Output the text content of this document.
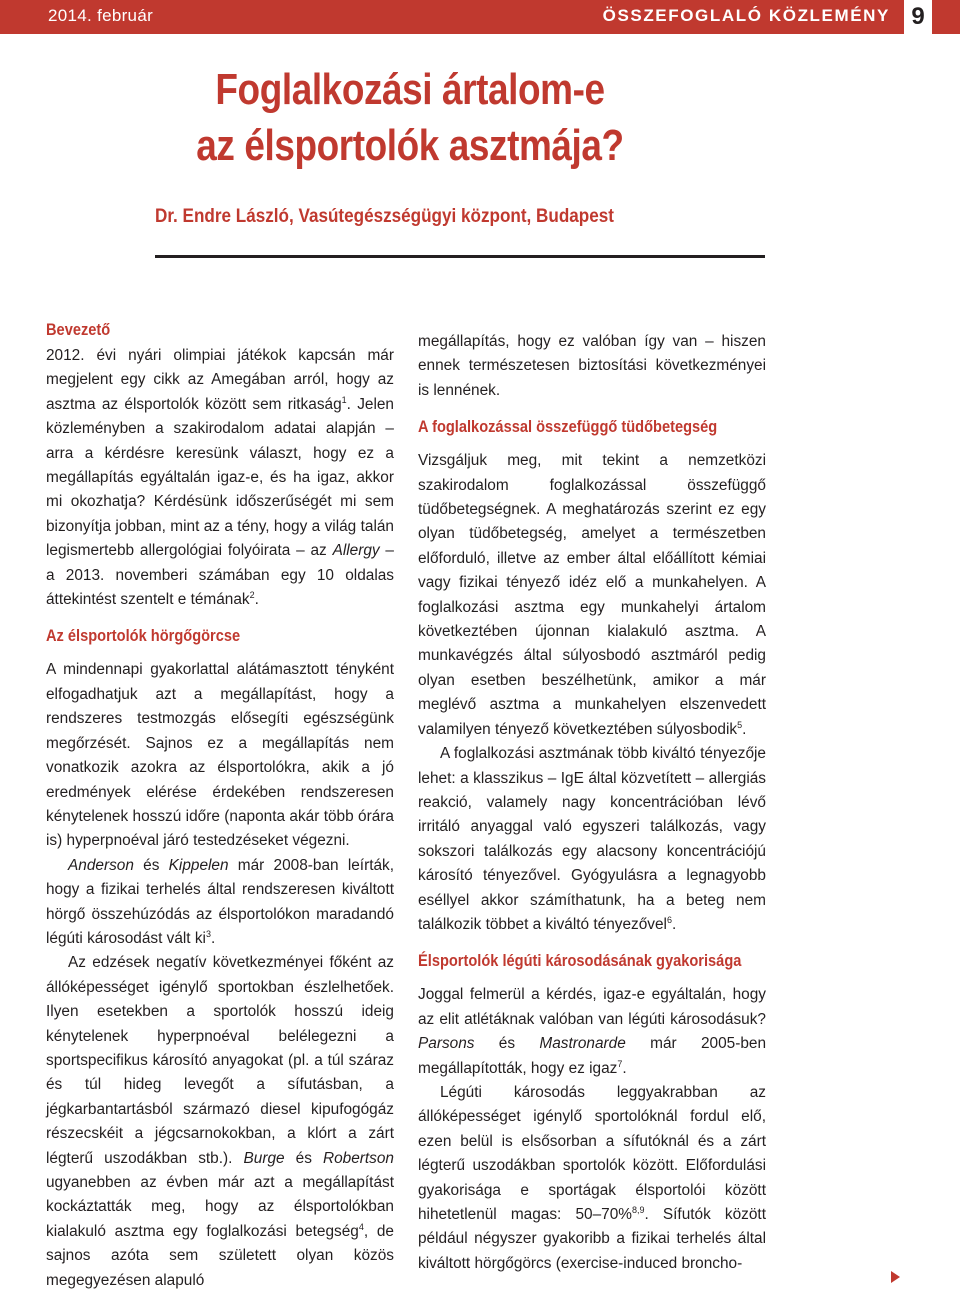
2014. február	ÖSSZEFOGLALÓ KÖZLEMÉNY 9
Foglalkozási ártalom-e
az élsportolók asztmája?
Dr. Endre László, Vasútegészségügyi központ, Budapest
Bevezető

2012. évi nyári olimpiai játékok kapcsán már megjelent egy cikk az Amegában arról, hogy az asztma az élsportolók között sem ritkaság$^1$. Jelen közleményben a szakirodalom adatai alapján – arra a kérdésre keresünk választ, hogy ez a megállapítás egyáltalán igaz-e, és ha igaz, akkor mi okozhatja? Kérdésünk időszerűségét mi sem bizonyítja jobban, mint az a tény, hogy a világ talán legismertebb allergológiai folyóirata – az Allergy – a 2013. novemberi számában egy 10 oldalas áttekintést szentelt e témának$^2$.

Az élsportolók hörgőgörcse

A mindennapi gyakorlattal alátámasztott tényként elfogadhatjuk azt a megállapítást, hogy a rendszeres testmozgás elősegíti egészségünk megőrzését. Sajnos ez a megállapítás nem vonatkozik azokra az élsportolókra, akik a jó eredmények elérése érdekében rendszeresen kénytelenek hosszú időre (naponta akár több órára is) hyperpnoéval járó testedzéseket végezni.

Anderson és Kippelen már 2008-ban leírták, hogy a fizikai terhelés által rendszeresen kiváltott hörgő összehúzódás az élsportolókon maradandó légúti károsodást vált $ki^3$.

Az edzések negatív következményei főként az állóképességet igénylő sportokban észlelhetőek. Ilyen esetekben a sportolók hosszú ideig kénytelenek hyperpnoéval belélegezni a sportspecifikus károsító anyagokat (pl. a túl száraz és túl hideg levegőt a sífutásban, a jégkarbantartásból származó diesel kipufogógáz részecskéit a jégcsarnokokban, a klórt a zárt légterű uszodákban stb.). Burge és Robertson ugyanebben az évben már azt a megállapítást kockáztatták meg, hogy az élsportolókban kialakuló asztma egy foglalkozási betegség$^4$, de sajnos azóta sem született olyan közös megegyezésen alapuló

megállapítás, hogy ez valóban így van – hiszen ennek természetesen biztosítási következményei is lennének.

A foglalkozással összefüggő tüdőbetegség

Vizsgáljuk meg, mit tekint a nemzetközi szakirodalom foglalkozással összefüggő tüdőbetegségnek. A meghatározás szerint ez egy olyan tüdőbetegség, amelyet a természetben előforduló, illetve az ember által előállított kémiai vagy fizikai tényező idéz elő a munkahelyen. A foglalkozási asztma egy munkahelyi ártalom következtében újonnan kialakuló asztma. A munkavégzés által súlyosbodó asztmáról pedig olyan esetben beszélhetünk, amikor a már meglévő asztma a munkahelyen elszenvedett valamilyen tényező következtében súlyosbodik$^5$.

A foglalkozási asztmának több kiváltó tényezője lehet: a klasszikus – IgE által közvetített – allergiás reakció, valamely nagy koncentrációban lévő irritáló anyaggal való egyszeri találkozás, vagy sokszori találkozás egy alacsony koncentrációjú károsító tényezővel. Gyógyulásra a legnagyobb eséllyel akkor számíthatunk, ha a beteg nem találkozik többet a kiváltó tényezővel$^6$.

Élsportolók légúti károsodásának gyakorisága

Joggal felmerül a kérdés, igaz-e egyáltalán, hogy az elit atlétáknak valóban van légúti károsodásuk? Parsons és Mastronarde már 2005-ben megállapították, hogy ez igaz$^7$.

Légúti károsodás leggyakrabban az állóképességet igénylő sportolóknál fordul elő, ezen belül is elsősorban a sífutóknál és a zárt légterű uszodákban sportolók között. Előfordulási gyakorisága e sportágak élsportolói között hihetetlenül magas: 50–70%$^{8,9}$. Sífutók között például négyszer gyakoribb a fizikai terhelés által kiváltott hörgőgörcs (exercise-induced broncho-
